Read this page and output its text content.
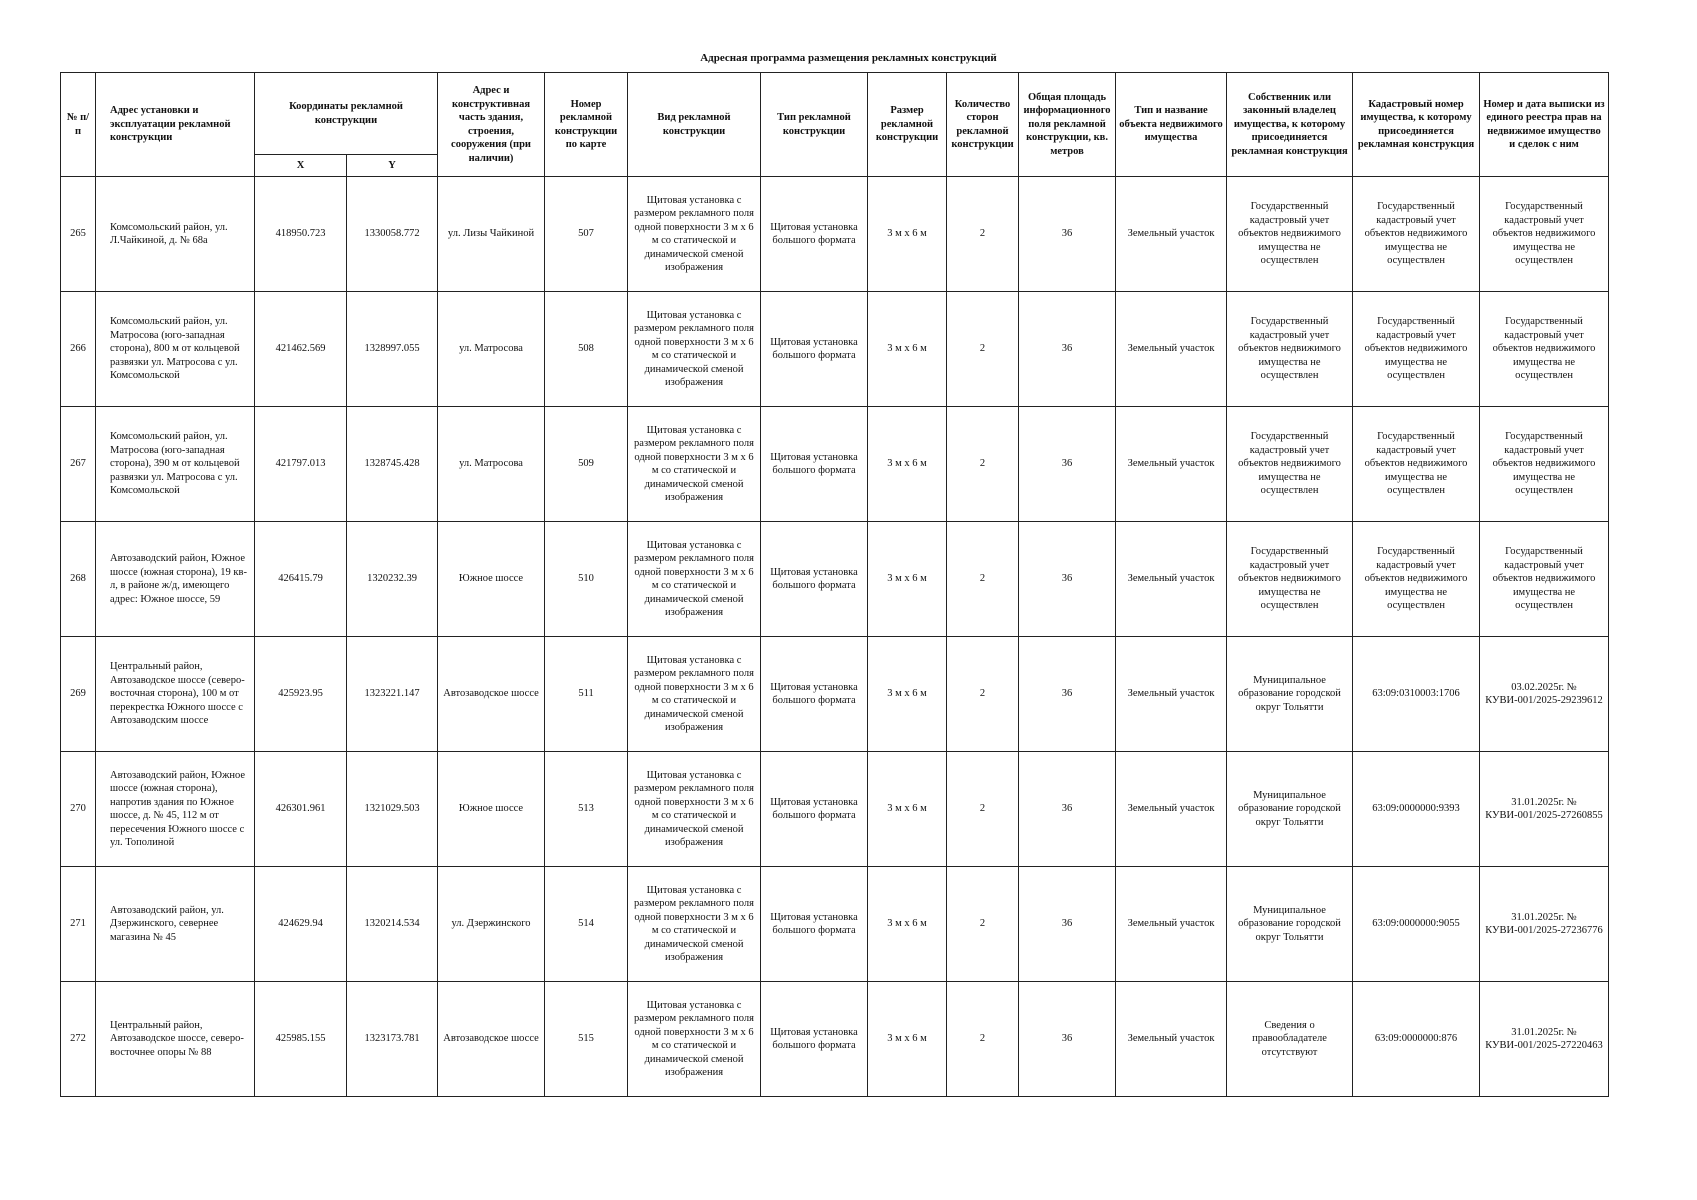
Адресная программа размещения рекламных конструкций
№ п/п	Адрес установки и эксплуатации рекламной конструкции	Координаты рекламной конструкции		Адрес и конструктивная часть здания, строения, сооружения (при наличии)	Номер рекламной конструкции по карте	Вид рекламной конструкции	Тип рекламной конструкции	Размер рекламной конструкции	Количество сторон рекламной конструкции	Общая площадь информационного поля рекламной конструкции, кв. метров	Тип и название объекта недвижимого имущества	Собственник или законный владелец имущества, к которому присоединяется рекламная конструкция	Кадастровый номер имущества, к которому присоединяется рекламная конструкция	Номер и дата выписки из единого реестра прав на недвижимое имущество и сделок с ним
		X	Y											
265	Комсомольский район, ул. Л.Чайкиной, д. № 68а	418950.723	1330058.772	ул. Лизы Чайкиной	507	Щитовая установка с размером рекламного поля одной поверхности 3 м х 6 м со статической и динамической сменой изображения	Щитовая установка большого формата	3 м х 6 м	2	36	Земельный участок	Государственный кадастровый учет объектов недвижимого имущества не осуществлен	Государственный кадастровый учет объектов недвижимого имущества не осуществлен	Государственный кадастровый учет объектов недвижимого имущества не осуществлен
266	Комсомольский район, ул. Матросова (юго-западная сторона), 800 м от кольцевой развязки ул. Матросова с ул. Комсомольской	421462.569	1328997.055	ул. Матросова	508	Щитовая установка с размером рекламного поля одной поверхности 3 м х 6 м со статической и динамической сменой изображения	Щитовая установка большого формата	3 м х 6 м	2	36	Земельный участок	Государственный кадастровый учет объектов недвижимого имущества не осуществлен	Государственный кадастровый учет объектов недвижимого имущества не осуществлен	Государственный кадастровый учет объектов недвижимого имущества не осуществлен
267	Комсомольский район, ул. Матросова (юго-западная сторона), 390 м от кольцевой развязки ул. Матросова с ул. Комсомольской	421797.013	1328745.428	ул. Матросова	509	Щитовая установка с размером рекламного поля одной поверхности 3 м х 6 м со статической и динамической сменой изображения	Щитовая установка большого формата	3 м х 6 м	2	36	Земельный участок	Государственный кадастровый учет объектов недвижимого имущества не осуществлен	Государственный кадастровый учет объектов недвижимого имущества не осуществлен	Государственный кадастровый учет объектов недвижимого имущества не осуществлен
268	Автозаводский район, Южное шоссе (южная сторона), 19 кв-л, в районе ж/д, имеющего адрес: Южное шоссе, 59	426415.79	1320232.39	Южное шоссе	510	Щитовая установка с размером рекламного поля одной поверхности 3 м х 6 м со статической и динамической сменой изображения	Щитовая установка большого формата	3 м х 6 м	2	36	Земельный участок	Государственный кадастровый учет объектов недвижимого имущества не осуществлен	Государственный кадастровый учет объектов недвижимого имущества не осуществлен	Государственный кадастровый учет объектов недвижимого имущества не осуществлен
269	Центральный район, Автозаводское шоссе (северо-восточная сторона), 100 м от перекрестка Южного шоссе с Автозаводским шоссе	425923.95	1323221.147	Автозаводское шоссе	511	Щитовая установка с размером рекламного поля одной поверхности 3 м х 6 м со статической и динамической сменой изображения	Щитовая установка большого формата	3 м х 6 м	2	36	Земельный участок	Муниципальное образование городской округ Тольятти	63:09:0310003:1706	03.02.2025г. № КУВИ-001/2025-29239612
270	Автозаводский район, Южное шоссе (южная сторона), напротив здания по Южное шоссе, д. № 45, 112 м от пересечения Южного шоссе с ул. Тополиной	426301.961	1321029.503	Южное шоссе	513	Щитовая установка с размером рекламного поля одной поверхности 3 м х 6 м со статической и динамической сменой изображения	Щитовая установка большого формата	3 м х 6 м	2	36	Земельный участок	Муниципальное образование городской округ Тольятти	63:09:0000000:9393	31.01.2025г. № КУВИ-001/2025-27260855
271	Автозаводский район, ул. Дзержинского, севернее магазина № 45	424629.94	1320214.534	ул. Дзержинского	514	Щитовая установка с размером рекламного поля одной поверхности 3 м х 6 м со статической и динамической сменой изображения	Щитовая установка большого формата	3 м х 6 м	2	36	Земельный участок	Муниципальное образование городской округ Тольятти	63:09:0000000:9055	31.01.2025г. № КУВИ-001/2025-27236776
272	Центральный район, Автозаводское шоссе, северо-восточнее опоры № 88	425985.155	1323173.781	Автозаводское шоссе	515	Щитовая установка с размером рекламного поля одной поверхности 3 м х 6 м со статической и динамической сменой изображения	Щитовая установка большого формата	3 м х 6 м	2	36	Земельный участок	Сведения о правообладателе отсутствуют	63:09:0000000:876	31.01.2025г. № КУВИ-001/2025-27220463
